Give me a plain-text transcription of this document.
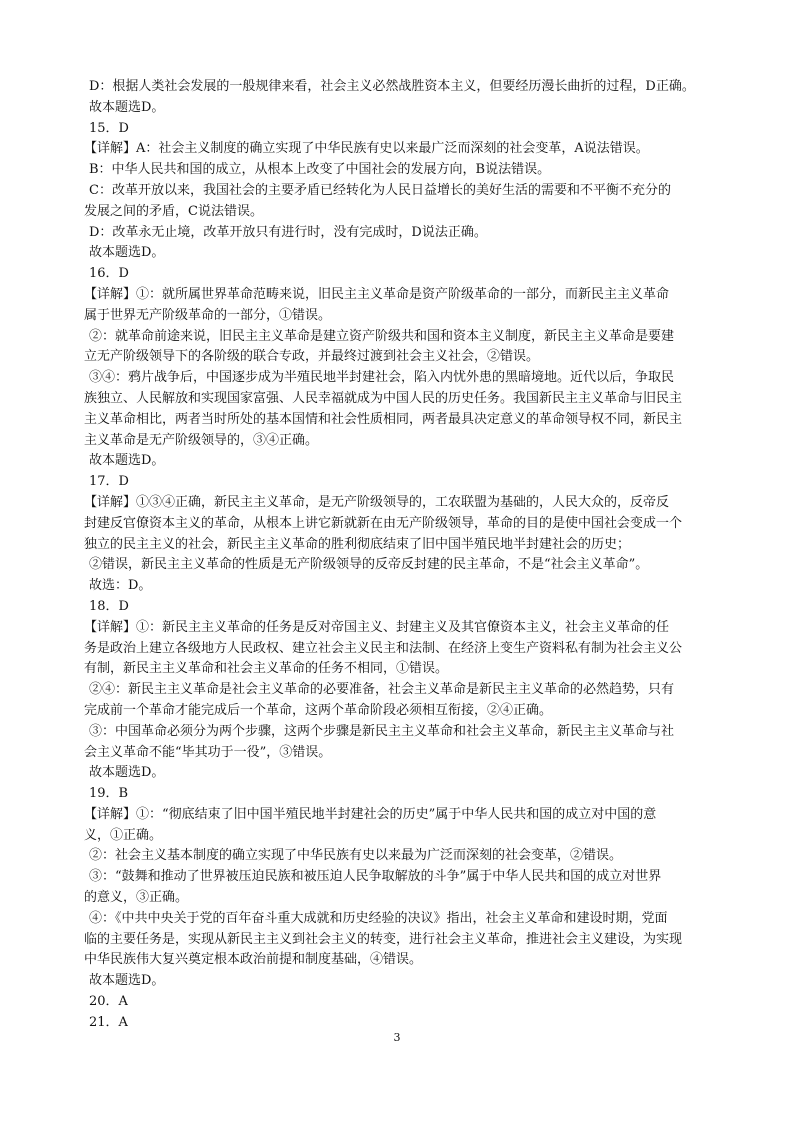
D：根据人类社会发展的一般规律来看，社会主义必然战胜资本主义，但要经历漫长曲折的过程，D正确。
故本题选D。
15．D
【详解】A：社会主义制度的确立实现了中华民族有史以来最广泛而深刻的社会变革，A说法错误。
B：中华人民共和国的成立，从根本上改变了中国社会的发展方向，B说法错误。
C：改革开放以来，我国社会的主要矛盾已经转化为人民日益增长的美好生活的需要和不平衡不充分的
发展之间的矛盾，C说法错误。
D：改革永无止境，改革开放只有进行时，没有完成时，D说法正确。
故本题选D。
16．D
【详解】①：就所属世界革命范畴来说，旧民主主义革命是资产阶级革命的一部分，而新民主主义革命
属于世界无产阶级革命的一部分，①错误。
②：就革命前途来说，旧民主主义革命是建立资产阶级共和国和资本主义制度，新民主主义革命是要建
立无产阶级领导下的各阶级的联合专政，并最终过渡到社会主义社会，②错误。
③④：鸦片战争后，中国逐步成为半殖民地半封建社会，陷入内忧外患的黑暗境地。近代以后，争取民
族独立、人民解放和实现国家富强、人民幸福就成为中国人民的历史任务。我国新民主主义革命与旧民主
主义革命相比，两者当时所处的基本国情和社会性质相同，两者最具决定意义的革命领导权不同，新民主
主义革命是无产阶级领导的，③④正确。
故本题选D。
17．D
【详解】①③④正确，新民主主义革命，是无产阶级领导的，工农联盟为基础的，人民大众的，反帝反
封建反官僚资本主义的革命，从根本上讲它新就新在由无产阶级领导，革命的目的是使中国社会变成一个
独立的民主主义的社会，新民主主义革命的胜利彻底结束了旧中国半殖民地半封建社会的历史；
②错误，新民主主义革命的性质是无产阶级领导的反帝反封建的民主革命，不是“社会主义革命”。
故选：D。
18．D
【详解】①：新民主主义革命的任务是反对帝国主义、封建主义及其官僚资本主义，社会主义革命的任
务是政治上建立各级地方人民政权、建立社会主义民主和法制、在经济上变生产资料私有制为社会主义公
有制，新民主主义革命和社会主义革命的任务不相同，①错误。
②④：新民主主义革命是社会主义革命的必要准备，社会主义革命是新民主主义革命的必然趋势，只有
完成前一个革命才能完成后一个革命，这两个革命阶段必须相互衔接，②④正确。
③：中国革命必须分为两个步骤，这两个步骤是新民主主义革命和社会主义革命，新民主主义革命与社
会主义革命不能“毕其功于一役”，③错误。
故本题选D。
19．B
【详解】①：“彻底结束了旧中国半殖民地半封建社会的历史”属于中华人民共和国的成立对中国的意
义，①正确。
②：社会主义基本制度的确立实现了中华民族有史以来最为广泛而深刻的社会变革，②错误。
③：“鼓舞和推动了世界被压迫民族和被压迫人民争取解放的斗争”属于中华人民共和国的成立对世界
的意义，③正确。
④：《中共中央关于党的百年奋斗重大成就和历史经验的决议》指出，社会主义革命和建设时期，党面
临的主要任务是，实现从新民主主义到社会主义的转变，进行社会主义革命，推进社会主义建设，为实现
中华民族伟大复兴奠定根本政治前提和制度基础，④错误。
故本题选D。
20．A
21．A
3
